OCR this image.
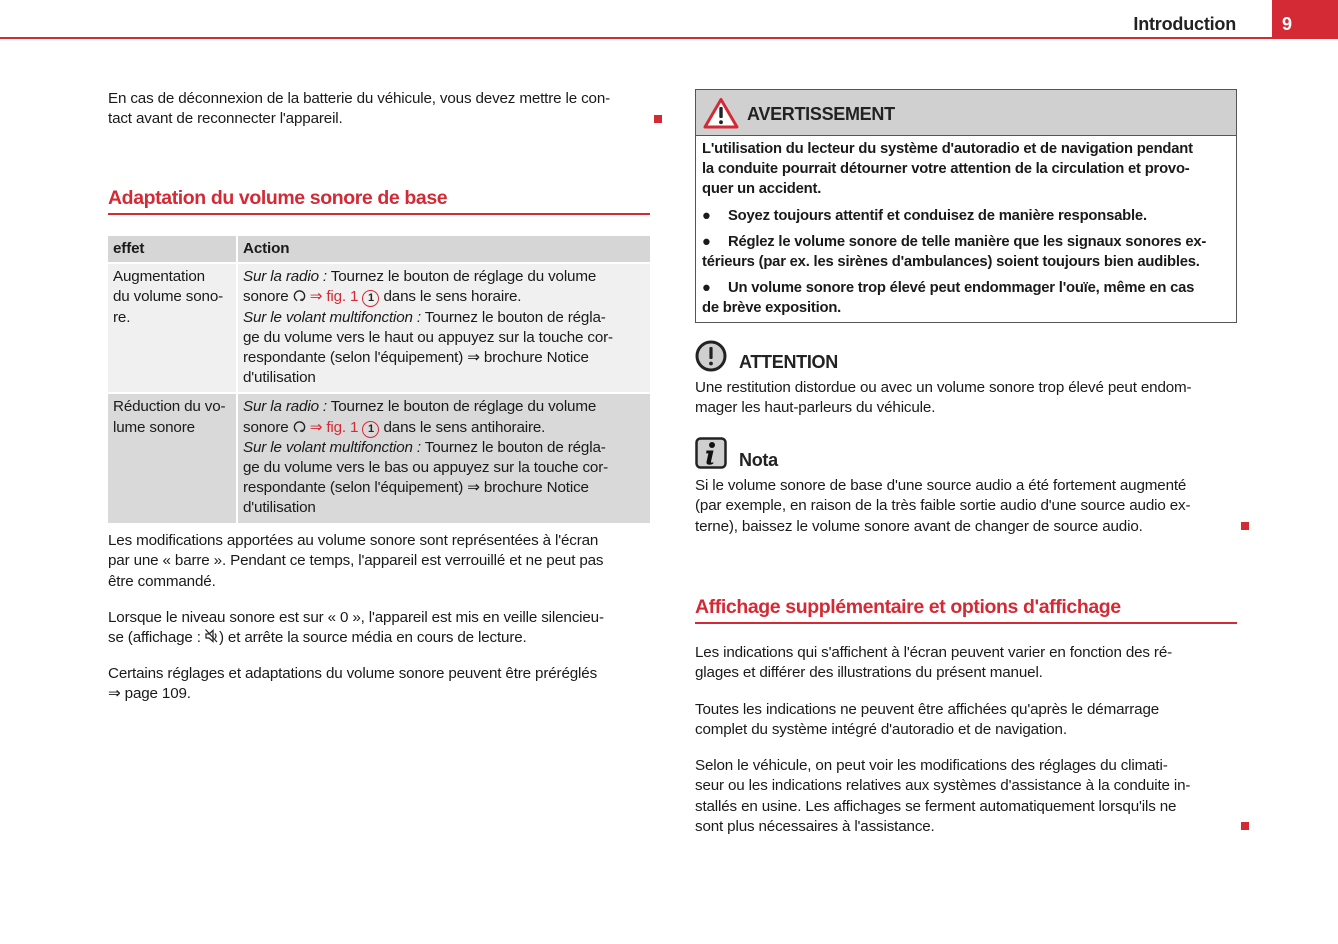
Introduction	9

En cas de déconnexion de la batterie du véhicule, vous devez mettre le con-
tact avant de reconnecter l'appareil.

Adaptation du volume sonore de base
effet	Action
Augmentation
du volume sono-
re.	Sur la radio : Tournez le bouton de réglage du volume
sonore  ⇒ fig. 1 1 dans le sens horaire.
Sur le volant multifonction : Tournez le bouton de régla-
ge du volume vers le haut ou appuyez sur la touche cor-
respondante (selon l'équipement) ⇒ brochure Notice
d'utilisation
Réduction du vo-
lume sonore	Sur la radio : Tournez le bouton de réglage du volume
sonore  ⇒ fig. 1 1 dans le sens antihoraire.
Sur le volant multifonction : Tournez le bouton de régla-
ge du volume vers le bas ou appuyez sur la touche cor-
respondante (selon l'équipement) ⇒ brochure Notice
d'utilisation

Les modifications apportées au volume sonore sont représentées à l'écran
par une « barre ». Pendant ce temps, l'appareil est verrouillé et ne peut pas
être commandé.

Lorsque le niveau sonore est sur « 0 », l'appareil est mis en veille silencieu-
se (affichage : ) et arrête la source média en cours de lecture.

Certains réglages et adaptations du volume sonore peuvent être préréglés
⇒ page 109.

AVERTISSEMENT
L'utilisation du lecteur du système d'autoradio et de navigation pendant
la conduite pourrait détourner votre attention de la circulation et provo-
quer un accident.
● Soyez toujours attentif et conduisez de manière responsable.
● Réglez le volume sonore de telle manière que les signaux sonores ex-
térieurs (par ex. les sirènes d'ambulances) soient toujours bien audibles.
● Un volume sonore trop élevé peut endommager l'ouïe, même en cas
de brève exposition.
ATTENTION

Une restitution distordue ou avec un volume sonore trop élevé peut endom-
mager les haut-parleurs du véhicule.

Nota

Si le volume sonore de base d'une source audio a été fortement augmenté
(par exemple, en raison de la très faible sortie audio d'une source audio ex-
terne), baissez le volume sonore avant de changer de source audio.

Affichage supplémentaire et options d'affichage

Les indications qui s'affichent à l'écran peuvent varier en fonction des ré-
glages et différer des illustrations du présent manuel.

Toutes les indications ne peuvent être affichées qu'après le démarrage
complet du système intégré d'autoradio et de navigation.

Selon le véhicule, on peut voir les modifications des réglages du climati-
seur ou les indications relatives aux systèmes d'assistance à la conduite in-
stallés en usine. Les affichages se ferment automatiquement lorsqu'ils ne
sont plus nécessaires à l'assistance.
